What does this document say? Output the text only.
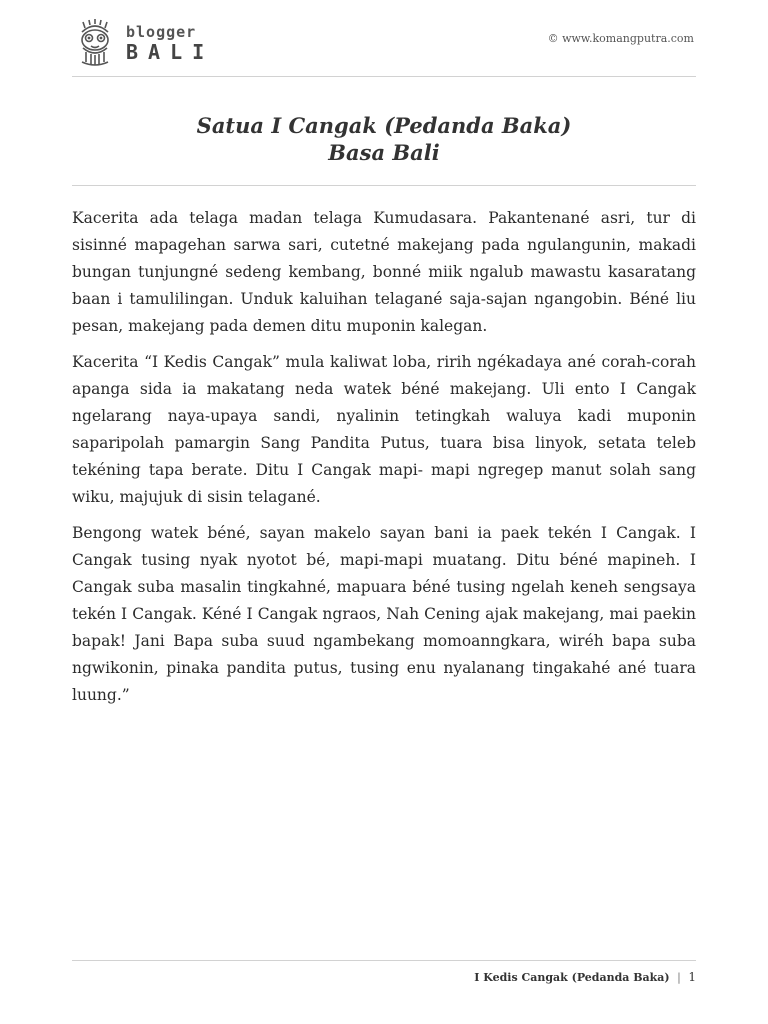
blogger
BALI
© www.komangputra.com
Satua I Cangak (Pedanda Baka)
Basa Bali

Kacerita ada telaga madan telaga Kumudasara. Pakantenané asri, tur di sisinné mapagehan sarwa sari, cutetné makejang pada ngulangunin, makadi bungan tunjungné sedeng kembang, bonné miik ngalub mawastu kasaratang baan i tamulilingan. Unduk kaluihan telagané saja-sajan ngangobin. Béné liu pesan, makejang pada demen ditu muponin kalegan.

Kacerita “I Kedis Cangak” mula kaliwat loba, ririh ngékadaya ané corah-corah apanga sida ia makatang neda watek béné makejang. Uli ento I Cangak ngelarang naya-upaya sandi, nyalinin tetingkah waluya kadi muponin saparipolah pamargin Sang Pandita Putus, tuara bisa linyok, setata teleb tekéning tapa berate. Ditu I Cangak mapi- mapi ngregep manut solah sang wiku, majujuk di sisin telagané.

Bengong watek béné, sayan makelo sayan bani ia paek tekén I Cangak. I Cangak tusing nyak nyotot bé, mapi-mapi muatang. Ditu béné mapineh. I Cangak suba masalin tingkahné, mapuara béné tusing ngelah keneh sengsaya tekén I Cangak. Kéné I Cangak ngraos, Nah Cening ajak makejang, mai paekin bapak! Jani Bapa suba suud ngambekang momoanngkara, wiréh bapa suba ngwikonin, pinaka pandita putus, tusing enu nyalanang tingakahé ané tuara luung.”

I Kedis Cangak (Pedanda Baka) | 1
